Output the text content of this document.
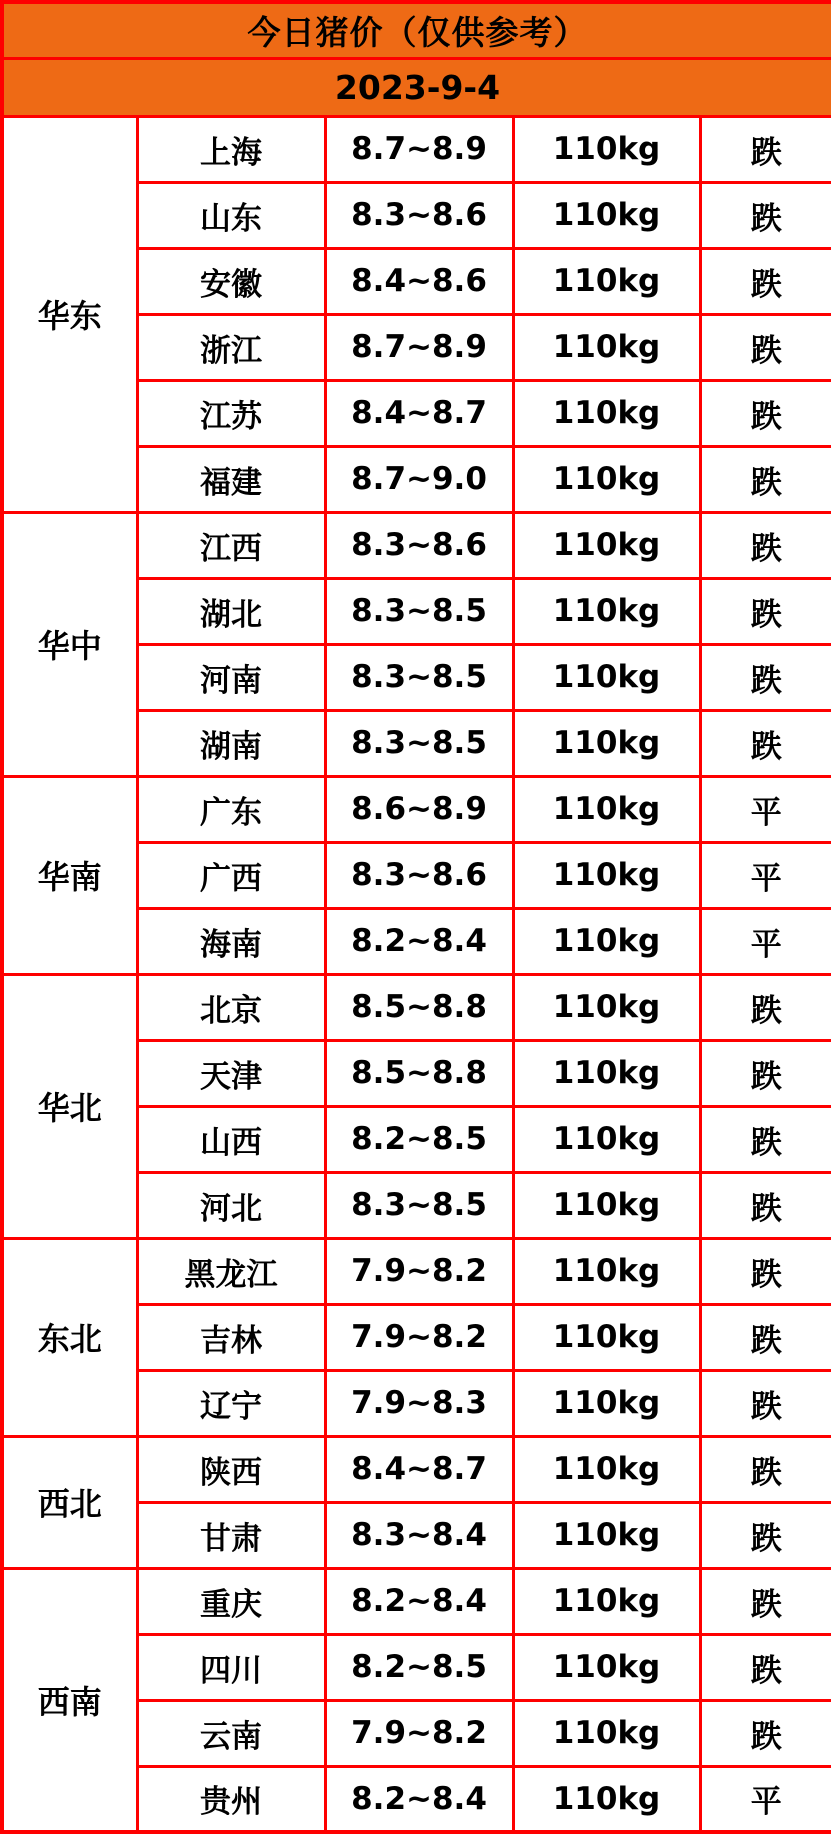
今日猪价（仅供参考）				
2023-9-4				
华东	上海	8.7~8.9	110kg	跌
	山东	8.3~8.6	110kg	跌
	安徽	8.4~8.6	110kg	跌
	浙江	8.7~8.9	110kg	跌
	江苏	8.4~8.7	110kg	跌
	福建	8.7~9.0	110kg	跌
华中	江西	8.3~8.6	110kg	跌
	湖北	8.3~8.5	110kg	跌
	河南	8.3~8.5	110kg	跌
	湖南	8.3~8.5	110kg	跌
华南	广东	8.6~8.9	110kg	平
	广西	8.3~8.6	110kg	平
	海南	8.2~8.4	110kg	平
华北	北京	8.5~8.8	110kg	跌
	天津	8.5~8.8	110kg	跌
	山西	8.2~8.5	110kg	跌
	河北	8.3~8.5	110kg	跌
东北	黑龙江	7.9~8.2	110kg	跌
	吉林	7.9~8.2	110kg	跌
	辽宁	7.9~8.3	110kg	跌
西北	陕西	8.4~8.7	110kg	跌
	甘肃	8.3~8.4	110kg	跌
西南	重庆	8.2~8.4	110kg	跌
	四川	8.2~8.5	110kg	跌
	云南	7.9~8.2	110kg	跌
	贵州	8.2~8.4	110kg	平
